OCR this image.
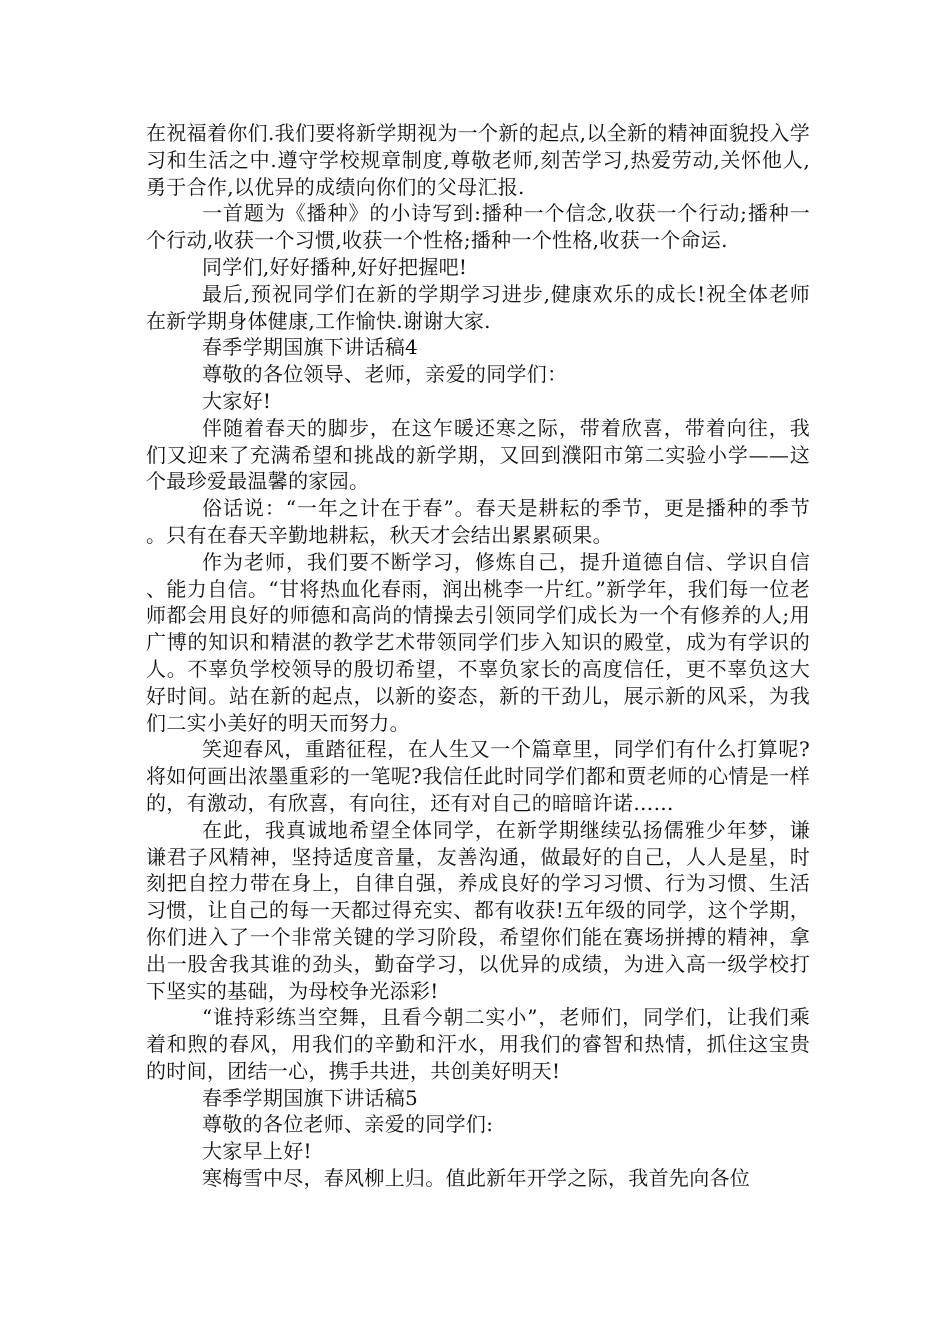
在祝福着你们.我们要将新学期视为一个新的起点,以全新的精神面貌投入学习和生活之中.遵守学校规章制度,尊敬老师,刻苦学习,热爱劳动,关怀他人,勇于合作,以优异的成绩向你们的父母汇报.

一首题为《播种》的小诗写到:播种一个信念,收获一个行动;播种一个行动,收获一个习惯,收获一个性格;播种一个性格,收获一个命运.

同学们,好好播种,好好把握吧!

最后,预祝同学们在新的学期学习进步,健康欢乐的成长!祝全体老师在新学期身体健康,工作愉快.谢谢大家.

春季学期国旗下讲话稿4

尊敬的各位领导、老师，亲爱的同学们：

大家好!

伴随着春天的脚步，在这乍暖还寒之际，带着欣喜，带着向往，我们又迎来了充满希望和挑战的新学期，又回到濮阳市第二实验小学——这个最珍爱最温馨的家园。

俗话说：“一年之计在于春”。春天是耕耘的季节，更是播种的季节。只有在春天辛勤地耕耘，秋天才会结出累累硕果。

作为老师，我们要不断学习，修炼自己，提升道德自信、学识自信、能力自信。“甘将热血化春雨，润出桃李一片红。”新学年，我们每一位老师都会用良好的师德和高尚的情操去引领同学们成长为一个有修养的人;用广博的知识和精湛的教学艺术带领同学们步入知识的殿堂，成为有学识的人。不辜负学校领导的殷切希望，不辜负家长的高度信任，更不辜负这大好时间。站在新的起点，以新的姿态，新的干劲儿，展示新的风采，为我们二实小美好的明天而努力。

笑迎春风，重踏征程，在人生又一个篇章里，同学们有什么打算呢?将如何画出浓墨重彩的一笔呢?我信任此时同学们都和贾老师的心情是一样的，有激动，有欣喜，有向往，还有对自己的暗暗许诺……

在此，我真诚地希望全体同学，在新学期继续弘扬儒雅少年梦，谦谦君子风精神，坚持适度音量，友善沟通，做最好的自己，人人是星，时刻把自控力带在身上，自律自强，养成良好的学习习惯、行为习惯、生活习惯，让自己的每一天都过得充实、都有收获!五年级的同学，这个学期，你们进入了一个非常关键的学习阶段，希望你们能在赛场拼搏的精神，拿出一股舍我其谁的劲头，勤奋学习，以优异的成绩，为进入高一级学校打下坚实的基础，为母校争光添彩!

“谁持彩练当空舞，且看今朝二实小”，老师们，同学们，让我们乘着和煦的春风，用我们的辛勤和汗水，用我们的睿智和热情，抓住这宝贵的时间，团结一心，携手共进，共创美好明天!

春季学期国旗下讲话稿5

尊敬的各位老师、亲爱的同学们:

大家早上好!

寒梅雪中尽，春风柳上归。值此新年开学之际，我首先向各位
